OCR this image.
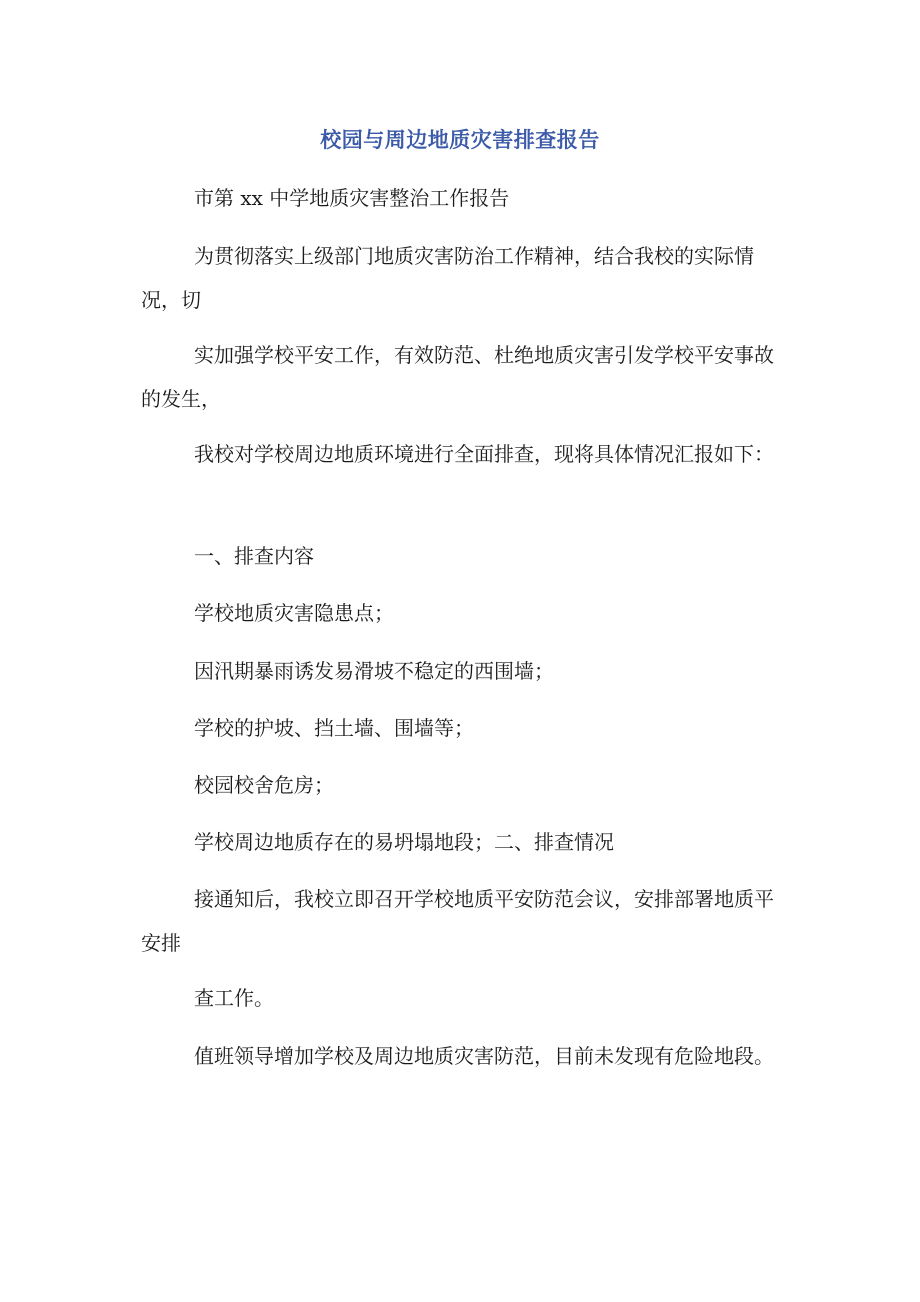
校园与周边地质灾害排查报告

市第 xx 中学地质灾害整治工作报告

为贯彻落实上级部门地质灾害防治工作精神，结合我校的实际情况，切

实加强学校平安工作，有效防范、杜绝地质灾害引发学校平安事故的发生，

我校对学校周边地质环境进行全面排查，现将具体情况汇报如下：

一、排查内容

学校地质灾害隐患点；

因汛期暴雨诱发易滑坡不稳定的西围墙；

学校的护坡、挡土墙、围墙等；

校园校舍危房；

学校周边地质存在的易坍塌地段；二、排查情况

接通知后，我校立即召开学校地质平安防范会议，安排部署地质平安排

查工作。

值班领导增加学校及周边地质灾害防范，目前未发现有危险地段。
